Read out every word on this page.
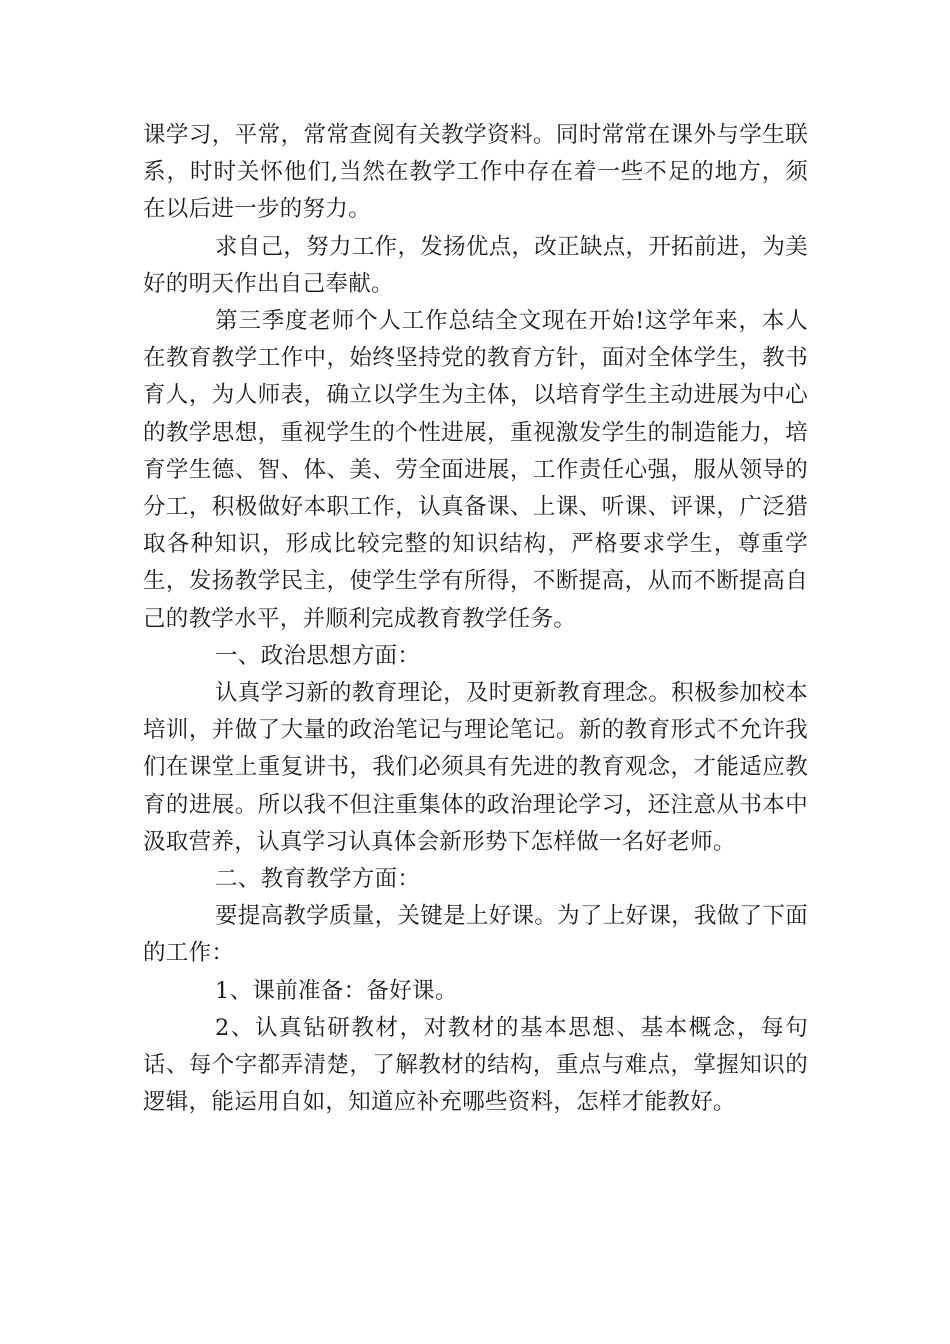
课学习，平常，常常查阅有关教学资料。同时常常在课外与学生联系，时时关怀他们,当然在教学工作中存在着一些不足的地方，须在以后进一步的努力。

求自己，努力工作，发扬优点，改正缺点，开拓前进，为美好的明天作出自己奉献。

第三季度老师个人工作总结全文现在开始!这学年来，本人在教育教学工作中，始终坚持党的教育方针，面对全体学生，教书育人，为人师表，确立以学生为主体，以培育学生主动进展为中心的教学思想，重视学生的个性进展，重视激发学生的制造能力，培育学生德、智、体、美、劳全面进展，工作责任心强，服从领导的分工，积极做好本职工作，认真备课、上课、听课、评课，广泛猎取各种知识，形成比较完整的知识结构，严格要求学生，尊重学生，发扬教学民主，使学生学有所得，不断提高，从而不断提高自己的教学水平，并顺利完成教育教学任务。

一、政治思想方面：

认真学习新的教育理论，及时更新教育理念。积极参加校本培训，并做了大量的政治笔记与理论笔记。新的教育形式不允许我们在课堂上重复讲书，我们必须具有先进的教育观念，才能适应教育的进展。所以我不但注重集体的政治理论学习，还注意从书本中汲取营养，认真学习认真体会新形势下怎样做一名好老师。

二、教育教学方面：

要提高教学质量，关键是上好课。为了上好课，我做了下面的工作：

1、课前准备：备好课。

2、认真钻研教材，对教材的基本思想、基本概念，每句话、每个字都弄清楚，了解教材的结构，重点与难点，掌握知识的逻辑，能运用自如，知道应补充哪些资料，怎样才能教好。
